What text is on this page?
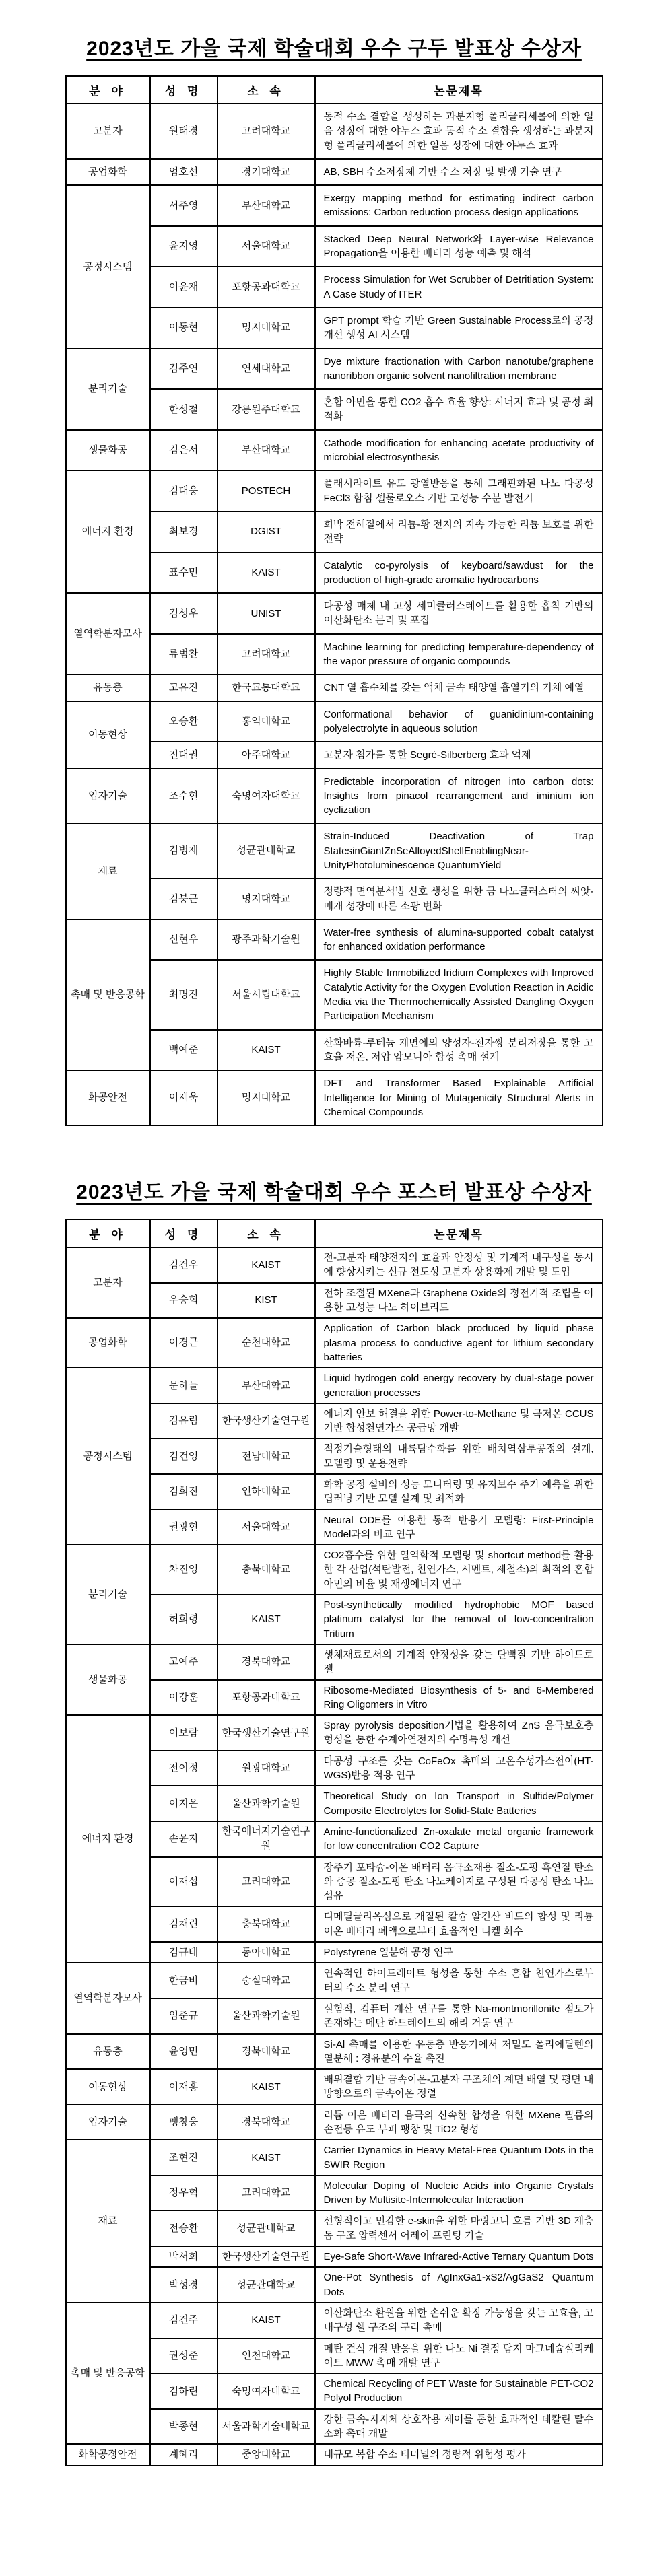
2023년도 가을 국제 학술대회 우수 구두 발표상 수상자
분 야	성 명	소 속	논문제목
고분자	원태경	고려대학교	동적 수소 결합을 생성하는 과분지형 폴리글리세롤에 의한 얼음 성장에 대한 야누스 효과 동적 수소 결합을 생성하는 과분지형 폴리글리세롤에 의한 얼음 성장에 대한 야누스 효과
공업화학	엄호선	경기대학교	AB, SBH 수소저장체 기반 수소 저장 및 발생 기술 연구
공정시스템	서주영	부산대학교	Exergy mapping method for estimating indirect carbon emissions: Carbon reduction process design applications
	윤지영	서울대학교	Stacked Deep Neural Network와 Layer-wise Relevance Propagation을 이용한 배터리 성능 예측 및 해석
	이윤재	포항공과대학교	Process Simulation for Wet Scrubber of Detritiation System: A Case Study of ITER
	이동현	명지대학교	GPT prompt 학습 기반 Green Sustainable Process로의 공정 개선 생성 AI 시스템
분리기술	김주연	연세대학교	Dye mixture fractionation with Carbon nanotube/graphene nanoribbon organic solvent nanofiltration membrane
	한성철	강릉원주대학교	혼합 아민을 통한 CO2 흡수 효율 향상: 시너지 효과 및 공정 최적화
생물화공	김은서	부산대학교	Cathode modification for enhancing acetate productivity of microbial electrosynthesis
에너지 환경	김대웅	POSTECH	플래시라이트 유도 광열반응을 통해 그래핀화된 나노 다공성 FeCl3 함침 셀룰로오스 기반 고성능 수분 발전기
	최보경	DGIST	희박 전해질에서 리튬-황 전지의 지속 가능한 리튬 보호를 위한 전략
	표수민	KAIST	Catalytic co-pyrolysis of keyboard/sawdust for the production of high-grade aromatic hydrocarbons
열역학분자모사	김성우	UNIST	다공성 매체 내 고상 세미클러스레이트를 활용한 흡착 기반의 이산화탄소 분리 및 포집
	류범찬	고려대학교	Machine learning for predicting temperature-dependency of the vapor pressure of organic compounds
유동층	고유진	한국교통대학교	CNT 열 흡수체를 갖는 액체 금속 태양열 흡열기의 기체 예열
이동현상	오승환	홍익대학교	Conformational behavior of guanidinium-containing polyelectrolyte in aqueous solution
	진대권	아주대학교	고분자 첨가를 통한 Segré-Silberberg 효과 억제
입자기술	조수현	숙명여자대학교	Predictable incorporation of nitrogen into carbon dots: Insights from pinacol rearrangement and iminium ion cyclization
재료	김병재	성균관대학교	Strain-Induced Deactivation of Trap StatesinGiantZnSeAlloyedShellEnablingNear-UnityPhotoluminescence QuantumYield
	김붕근	명지대학교	정량적 면역분석법 신호 생성을 위한 금 나노클러스터의 씨앗-매개 성장에 따른 소광 변화
촉매 및 반응공학	신현우	광주과학기술원	Water-free synthesis of alumina-supported cobalt catalyst for enhanced oxidation performance
	최명진	서울시립대학교	Highly Stable Immobilized Iridium Complexes with Improved Catalytic Activity for the Oxygen Evolution Reaction in Acidic Media via the Thermochemically Assisted Dangling Oxygen Participation Mechanism
	백예준	KAIST	산화바륨-루테늄 계면에의 양성자-전자쌍 분리저장을 통한 고효율 저온, 저압 암모니아 합성 촉매 설계
화공안전	이재욱	명지대학교	DFT and Transformer Based Explainable Artificial Intelligence for Mining of Mutagenicity Structural Alerts in Chemical Compounds
2023년도 가을 국제 학술대회 우수 포스터 발표상 수상자
분 야	성 명	소 속	논문제목
고분자	김건우	KAIST	전-고분자 태양전지의 효율과 안정성 및 기계적 내구성을 동시에 향상시키는 신규 전도성 고분자 상용화제 개발 및 도입
	우승희	KIST	전하 조절된 MXene과 Graphene Oxide의 정전기적 조립을 이용한 고성능 나노 하이브리드
공업화학	이경근	순천대학교	Application of Carbon black produced by liquid phase plasma process to conductive agent for lithium secondary batteries
공정시스템	문하늘	부산대학교	Liquid hydrogen cold energy recovery by dual-stage power generation processes
	김유림	한국생산기술연구원	에너지 안보 해결을 위한 Power-to-Methane 및 극저온 CCUS 기반 합성천연가스 공급망 개발
	김건영	전남대학교	적정기술형태의 내륙담수화를 위한 배치역삼투공정의 설계, 모델링 및 운용전략
	김희진	인하대학교	화학 공정 설비의 성능 모니터링 및 유지보수 주기 예측을 위한 딥러닝 기반 모델 설계 및 최적화
	권광현	서울대학교	Neural ODE를 이용한 동적 반응기 모델링: First-Principle Model과의 비교 연구
분리기술	차진영	충북대학교	CO2흡수를 위한 열역학적 모델링 및 shortcut method를 활용한 각 산업(석탄발전, 천연가스, 시멘트, 제철소)의 최적의 혼합 아민의 비율 및 재생에너지 연구
	허희령	KAIST	Post-synthetically modified hydrophobic MOF based platinum catalyst for the removal of low-concentration Tritium
생물화공	고예주	경북대학교	생체재료로서의 기계적 안정성을 갖는 단백질 기반 하이드로젤
	이강훈	포항공과대학교	Ribosome-Mediated Biosynthesis of 5- and 6-Membered Ring Oligomers in Vitro
에너지 환경	이보람	한국생산기술연구원	Spray pyrolysis deposition기법을 활용하여 ZnS 음극보호층 형성을 통한 수계아연전지의 수명특성 개선
	전이정	원광대학교	다공성 구조를 갖는 CoFeOx 촉매의 고온수성가스전이(HT-WGS)반응 적용 연구
	이지은	울산과학기술원	Theoretical Study on Ion Transport in Sulfide/Polymer Composite Electrolytes for Solid-State Batteries
	손윤지	한국에너지기술연구원	Amine-functionalized Zn-oxalate metal organic framework for low concentration CO2 Capture
	이재섭	고려대학교	장주기 포타슘-이온 배터리 음극소재용 질소-도핑 흑연질 탄소와 중공 질소-도핑 탄소 나노케이지로 구성된 다공성 탄소 나노섬유
	김채린	충북대학교	디메틸글리옥심으로 개질된 칼슘 알긴산 비드의 합성 및 리튬 이온 배터리 폐액으로부터 효율적인 니켈 회수
	김규태	동아대학교	Polystyrene 열분해 공정 연구
열역학분자모사	한금비	숭실대학교	연속적인 하이드레이트 형성을 통한 수소 혼합 천연가스로부터의 수소 분리 연구
	임준규	울산과학기술원	실험적, 컴퓨터 계산 연구를 통한 Na-montmorillonite 점토가 존재하는 메탄 하드레이트의 해리 거동 연구
유동층	윤영민	경북대학교	Si-Al 촉매를 이용한 유동층 반응기에서 저밀도 폴리에틸렌의 열분해 : 경유분의 수율 촉진
이동현상	이재홍	KAIST	배위결합 기반 금속이온-고분자 구조체의 계면 배열 및 평면 내 방향으로의 금속이온 정렬
입자기술	팽창웅	경북대학교	리튬 이온 배터리 음극의 신속한 합성을 위한 MXene 필름의 손전등 유도 부피 팽창 및 TiO2 형성
재료	조현진	KAIST	Carrier Dynamics in Heavy Metal-Free Quantum Dots in the SWIR Region
	정우혁	고려대학교	Molecular Doping of Nucleic Acids into Organic Crystals Driven by Multisite-Intermolecular Interaction
	전승환	성균관대학교	선형적이고 민감한 e-skin을 위한 마랑고니 흐름 기반 3D 계층돔 구조 압력센서 어레이 프린팅 기술
	박서희	한국생산기술연구원	Eye-Safe Short-Wave Infrared-Active Ternary Quantum Dots
	박성경	성균관대학교	One-Pot Synthesis of AgInxGa1-xS2/AgGaS2 Quantum Dots
촉매 및 반응공학	김건주	KAIST	이산화탄소 환원을 위한 손쉬운 확장 가능성을 갖는 고효율, 고내구성 쉘 구조의 구리 촉매
	권성준	인천대학교	메탄 건식 개질 반응을 위한 나노 Ni 결정 담지 마그네슘실리케이트 MWW 촉매 개발 연구
	김하린	숙명여자대학교	Chemical Recycling of PET Waste for Sustainable PET-CO2 Polyol Production
	박종현	서울과학기술대학교	강한 금속-지지체 상호작용 제어를 통한 효과적인 데칼린 탈수소화 촉매 개발
화학공정안전	계혜리	중앙대학교	대규모 복합 수소 터미널의 정량적 위험성 평가
